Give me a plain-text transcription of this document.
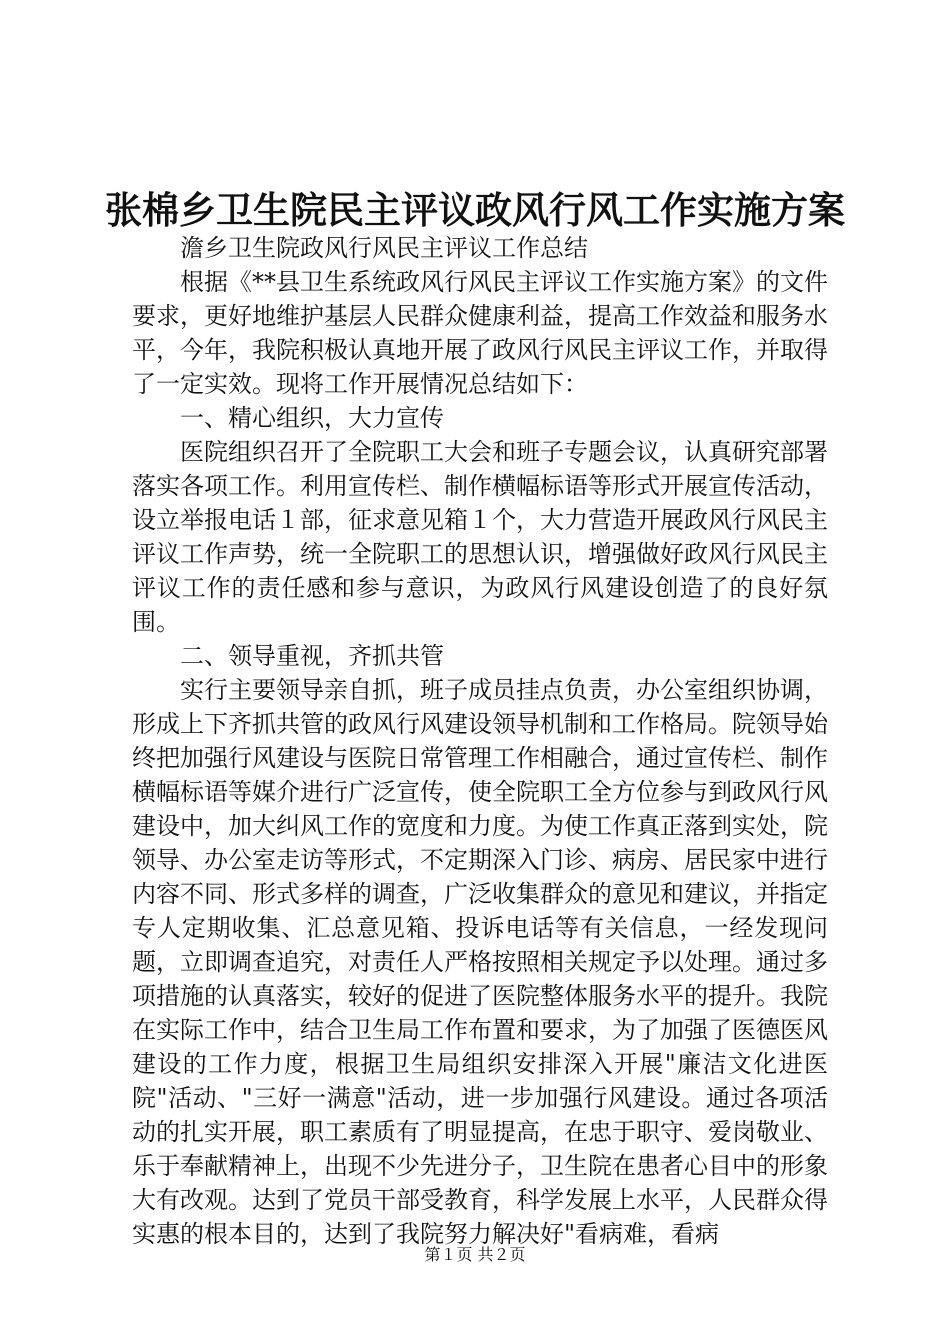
张棉乡卫生院民主评议政风行风工作实施方案

澹乡卫生院政风行风民主评议工作总结

根据《**县卫生系统政风行风民主评议工作实施方案》的文件要求，更好地维护基层人民群众健康利益，提高工作效益和服务水平，今年，我院积极认真地开展了政风行风民主评议工作，并取得了一定实效。现将工作开展情况总结如下：

一、精心组织，大力宣传

医院组织召开了全院职工大会和班子专题会议，认真研究部署落实各项工作。利用宣传栏、制作横幅标语等形式开展宣传活动，设立举报电话１部，征求意见箱１个，大力营造开展政风行风民主评议工作声势，统一全院职工的思想认识，增强做好政风行风民主评议工作的责任感和参与意识，为政风行风建设创造了的良好氛围。

二、领导重视，齐抓共管

实行主要领导亲自抓，班子成员挂点负责，办公室组织协调，形成上下齐抓共管的政风行风建设领导机制和工作格局。院领导始终把加强行风建设与医院日常管理工作相融合，通过宣传栏、制作横幅标语等媒介进行广泛宣传，使全院职工全方位参与到政风行风建设中，加大纠风工作的宽度和力度。为使工作真正落到实处，院领导、办公室走访等形式，不定期深入门诊、病房、居民家中进行内容不同、形式多样的调查，广泛收集群众的意见和建议，并指定专人定期收集、汇总意见箱、投诉电话等有关信息，一经发现问题，立即调查追究，对责任人严格按照相关规定予以处理。通过多项措施的认真落实，较好的促进了医院整体服务水平的提升。我院在实际工作中，结合卫生局工作布置和要求，为了加强了医德医风建设的工作力度，根据卫生局组织安排深入开展"廉洁文化进医院"活动、"三好一满意"活动，进一步加强行风建设。通过各项活动的扎实开展，职工素质有了明显提高，在忠于职守、爱岗敬业、乐于奉献精神上，出现不少先进分子，卫生院在患者心目中的形象大有改观。达到了党员干部受教育，科学发展上水平，人民群众得实惠的根本目的，达到了我院努力解决好"看病难，看病

第１页 共２页
